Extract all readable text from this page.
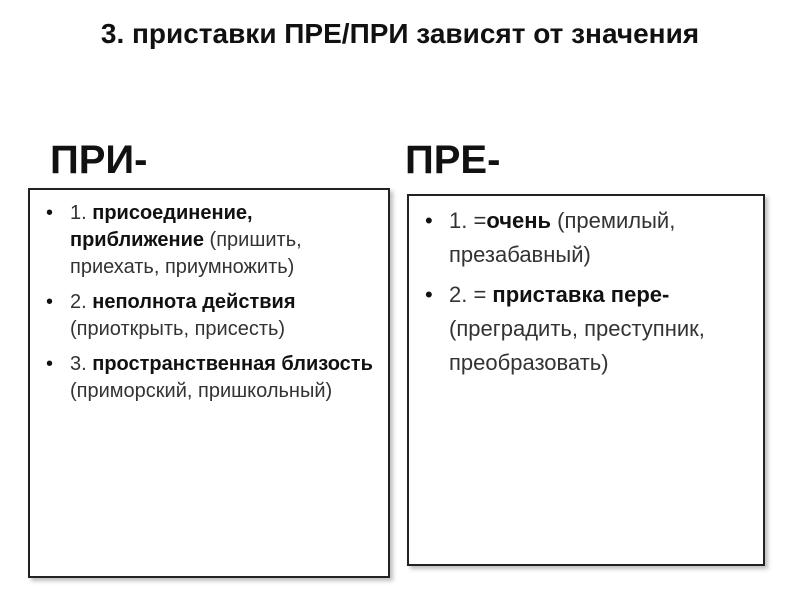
3. приставки ПРЕ/ПРИ зависят от значения
ПРИ-	ПРЕ-
• 1. присоединение, приближение (пришить, приехать, приумножить)
• 2. неполнота действия (приоткрыть, присесть)
• 3. пространственная близость (приморский, пришкольный)
• 1. =очень (премилый, презабавный)
• 2. = приставка пере- (преградить, преступник, преобразовать)
